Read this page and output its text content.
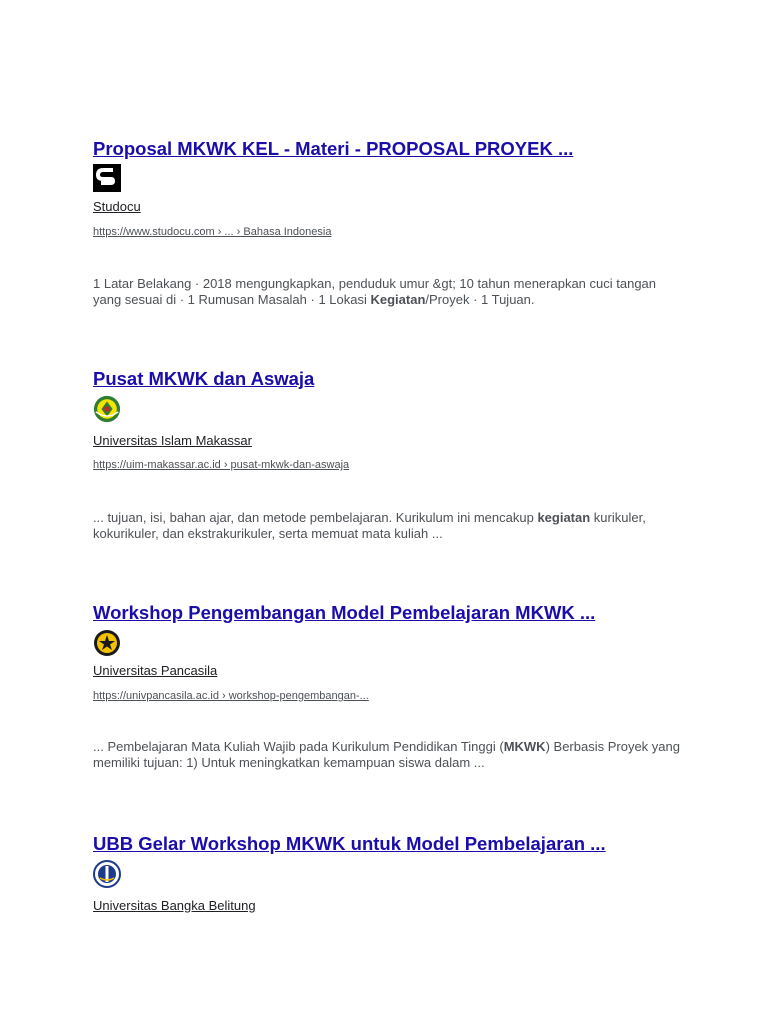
Proposal MKWK KEL - Materi - PROPOSAL PROYEK ...
Studocu
https://www.studocu.com › ... › Bahasa Indonesia
1 Latar Belakang · 2018 mengungkapkan, penduduk umur &gt; 10 tahun menerapkan cuci tangan yang sesuai di · 1 Rumusan Masalah · 1 Lokasi Kegiatan/Proyek · 1 Tujuan.
Pusat MKWK dan Aswaja
Universitas Islam Makassar
https://uim-makassar.ac.id › pusat-mkwk-dan-aswaja
... tujuan, isi, bahan ajar, dan metode pembelajaran. Kurikulum ini mencakup kegiatan kurikuler, kokurikuler, dan ekstrakurikuler, serta memuat mata kuliah ...
Workshop Pengembangan Model Pembelajaran MKWK ...
Universitas Pancasila
https://univpancasila.ac.id › workshop-pengembangan-...
... Pembelajaran Mata Kuliah Wajib pada Kurikulum Pendidikan Tinggi (MKWK) Berbasis Proyek yang memiliki tujuan: 1) Untuk meningkatkan kemampuan siswa dalam ...
UBB Gelar Workshop MKWK untuk Model Pembelajaran ...
Universitas Bangka Belitung
